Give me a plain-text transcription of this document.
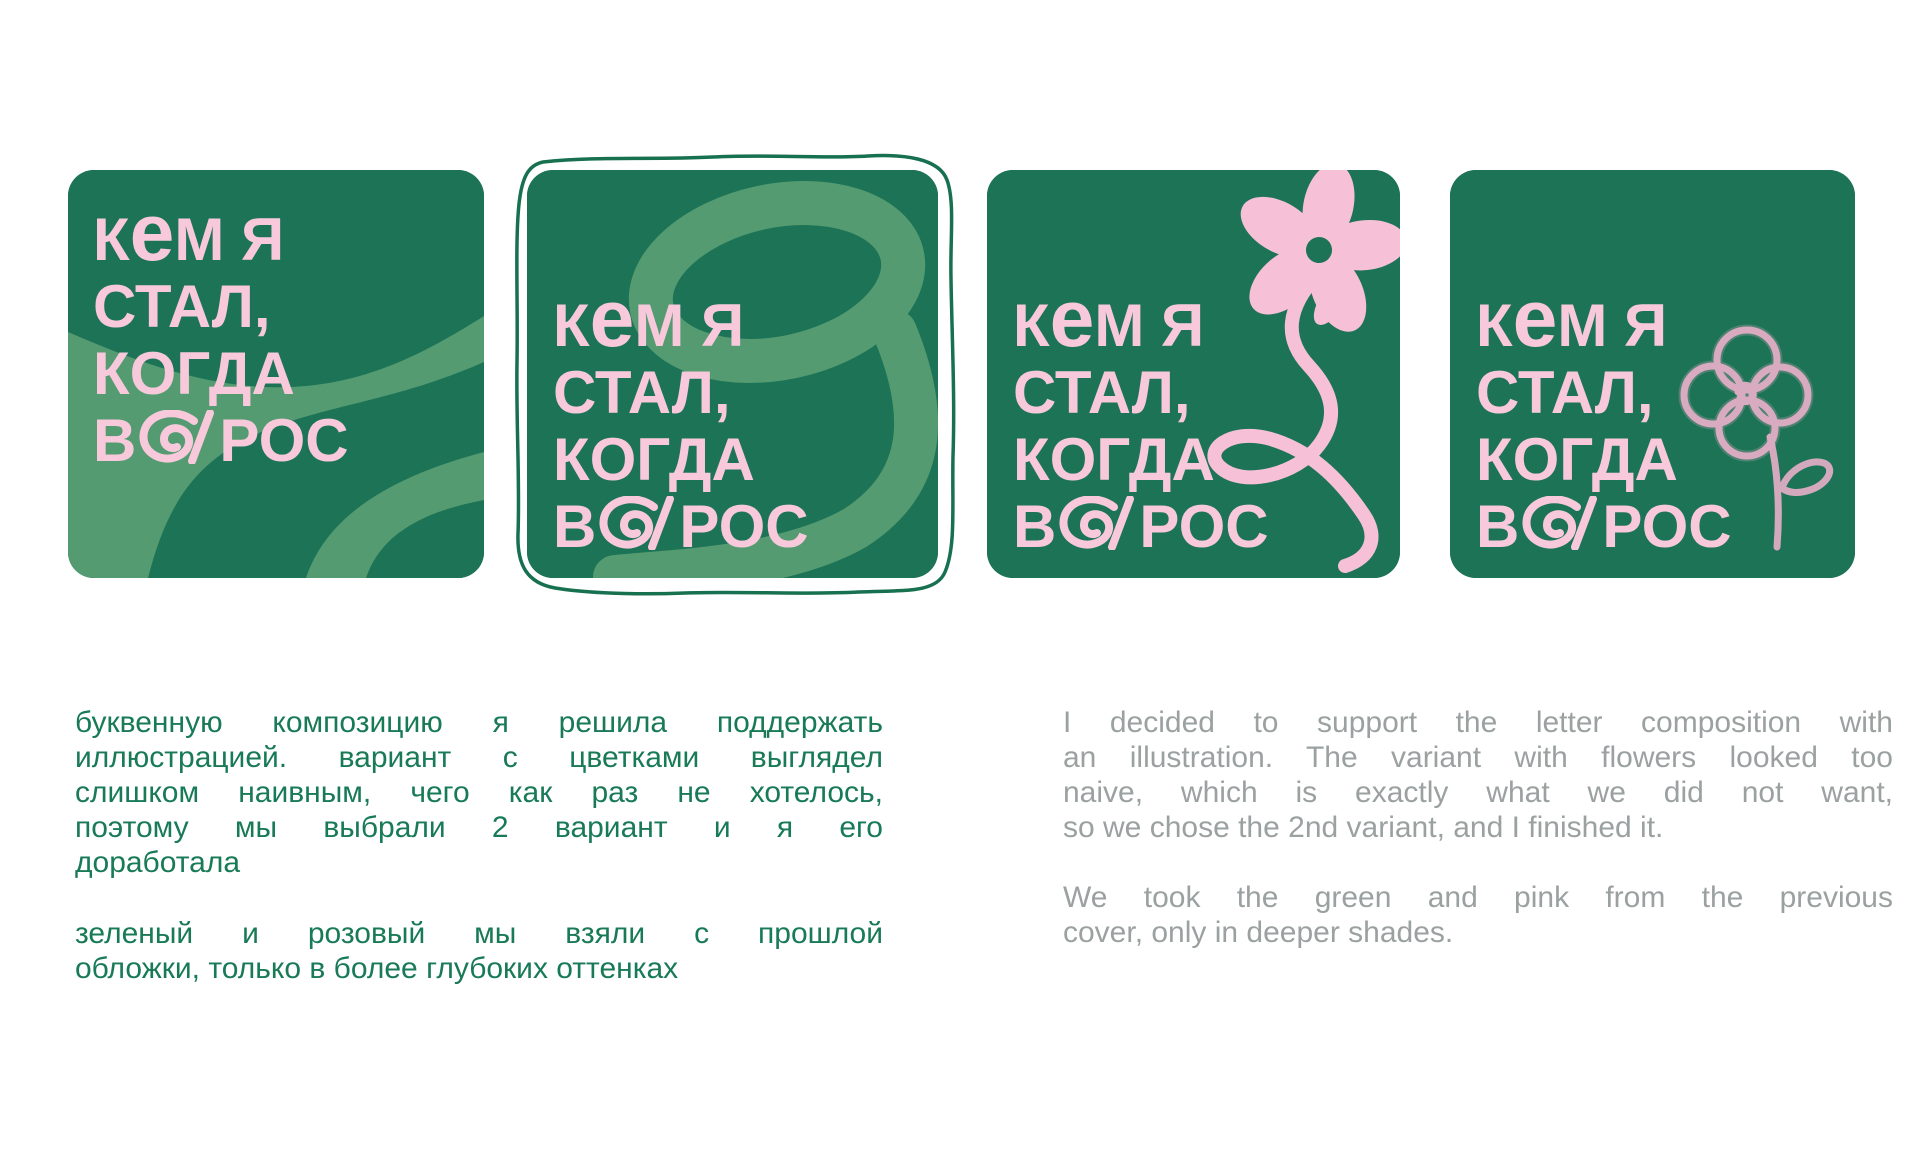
КеМ Я
СТАЛ,
КОГДА
В РОС
КеМ Я
СТАЛ,
КОГДА
В РОС
КеМ Я
СТАЛ,
КОГДА
В РОС
КеМ Я
СТАЛ,
КОГДА
В РОС
буквенную композицию я решила поддержать
иллюстрацией. вариант с цветками выглядел
слишком наивным, чего как раз не хотелось,
поэтому мы выбрали 2 вариант и я его
доработала
зеленый и розовый мы взяли с прошлой
обложки, только в более глубоких оттенках
I decided to support the letter composition with
an illustration. The variant with flowers looked too
naive, which is exactly what we did not want,
so we chose the 2nd variant, and I finished it.
We took the green and pink from the previous
cover, only in deeper shades.
